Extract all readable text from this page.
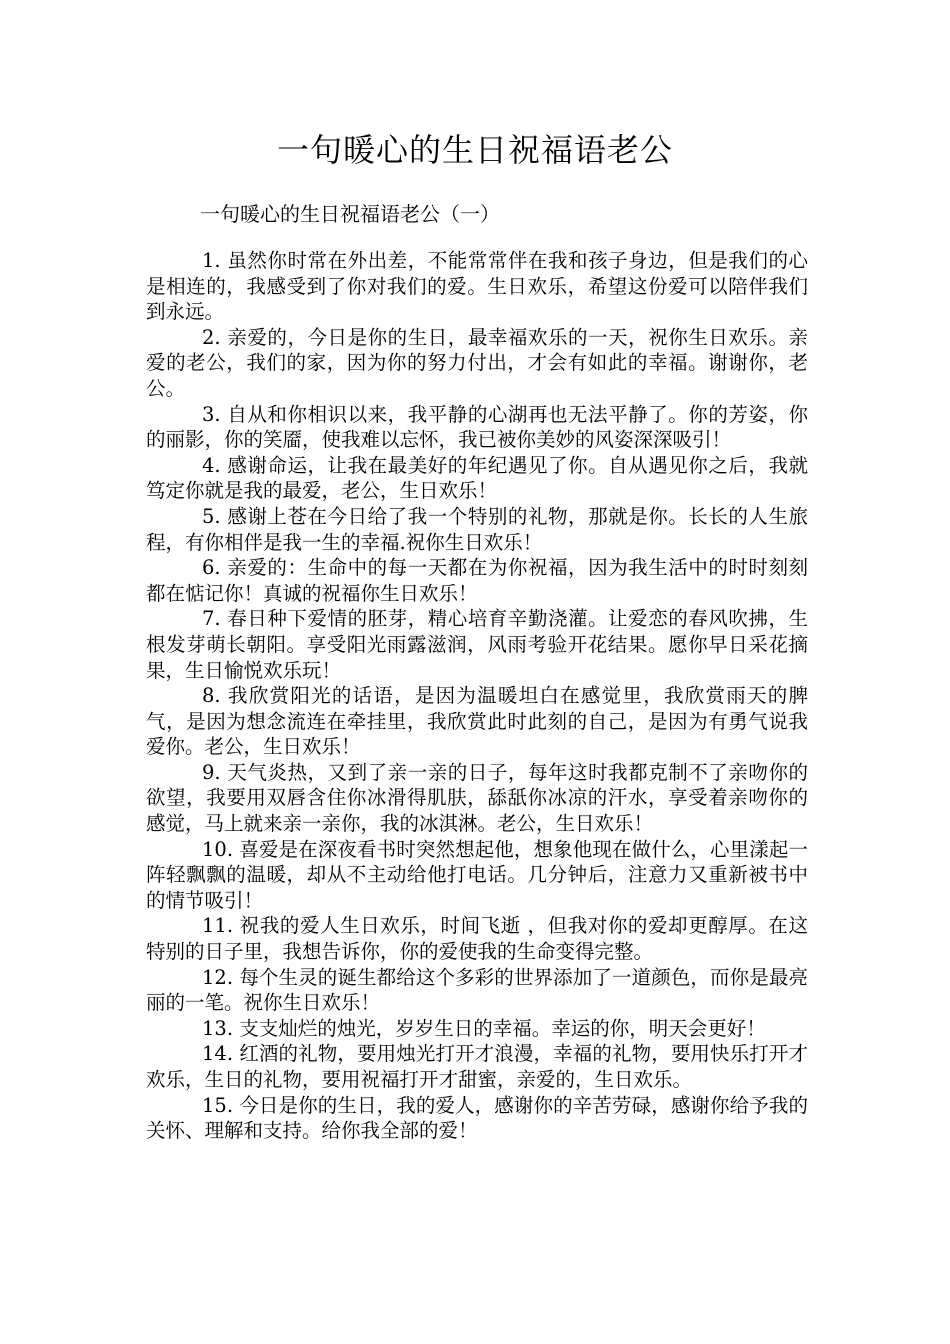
一句暖心的生日祝福语老公
一句暖心的生日祝福语老公（一）

1. 虽然你时常在外出差，不能常常伴在我和孩子身边，但是我们的心是相连的，我感受到了你对我们的爱。生日欢乐，希望这份爱可以陪伴我们到永远。

2. 亲爱的，今日是你的生日，最幸福欢乐的一天，祝你生日欢乐。亲爱的老公，我们的家，因为你的努力付出，才会有如此的幸福。谢谢你，老公。

3. 自从和你相识以来，我平静的心湖再也无法平静了。你的芳姿，你的丽影，你的笑靥，使我难以忘怀，我已被你美妙的风姿深深吸引！

4. 感谢命运，让我在最美好的年纪遇见了你。自从遇见你之后，我就笃定你就是我的最爱，老公，生日欢乐！

5. 感谢上苍在今日给了我一个特别的礼物，那就是你。长长的人生旅程，有你相伴是我一生的幸福.祝你生日欢乐！

6. 亲爱的：生命中的每一天都在为你祝福，因为我生活中的时时刻刻都在惦记你！真诚的祝福你生日欢乐！

7. 春日种下爱情的胚芽，精心培育辛勤浇灌。让爱恋的春风吹拂，生根发芽萌长朝阳。享受阳光雨露滋润，风雨考验开花结果。愿你早日采花摘果，生日愉悦欢乐玩！

8. 我欣赏阳光的话语，是因为温暖坦白在感觉里，我欣赏雨天的脾气，是因为想念流连在牵挂里，我欣赏此时此刻的自己，是因为有勇气说我爱你。老公，生日欢乐！

9. 天气炎热，又到了亲一亲的日子，每年这时我都克制不了亲吻你的欲望，我要用双唇含住你冰滑得肌肤，舔舐你冰凉的汗水，享受着亲吻你的感觉，马上就来亲一亲你，我的冰淇淋。老公，生日欢乐！

10. 喜爱是在深夜看书时突然想起他，想象他现在做什么，心里漾起一阵轻飘飘的温暖，却从不主动给他打电话。几分钟后，注意力又重新被书中的情节吸引！

11. 祝我的爱人生日欢乐，时间飞逝 ，但我对你的爱却更醇厚。在这特别的日子里，我想告诉你，你的爱使我的生命变得完整。

12. 每个生灵的诞生都给这个多彩的世界添加了一道颜色，而你是最亮丽的一笔。祝你生日欢乐！

13. 支支灿烂的烛光，岁岁生日的幸福。幸运的你，明天会更好！

14. 红酒的礼物，要用烛光打开才浪漫，幸福的礼物，要用快乐打开才欢乐，生日的礼物，要用祝福打开才甜蜜，亲爱的，生日欢乐。

15. 今日是你的生日，我的爱人，感谢你的辛苦劳碌，感谢你给予我的关怀、理解和支持。给你我全部的爱！
